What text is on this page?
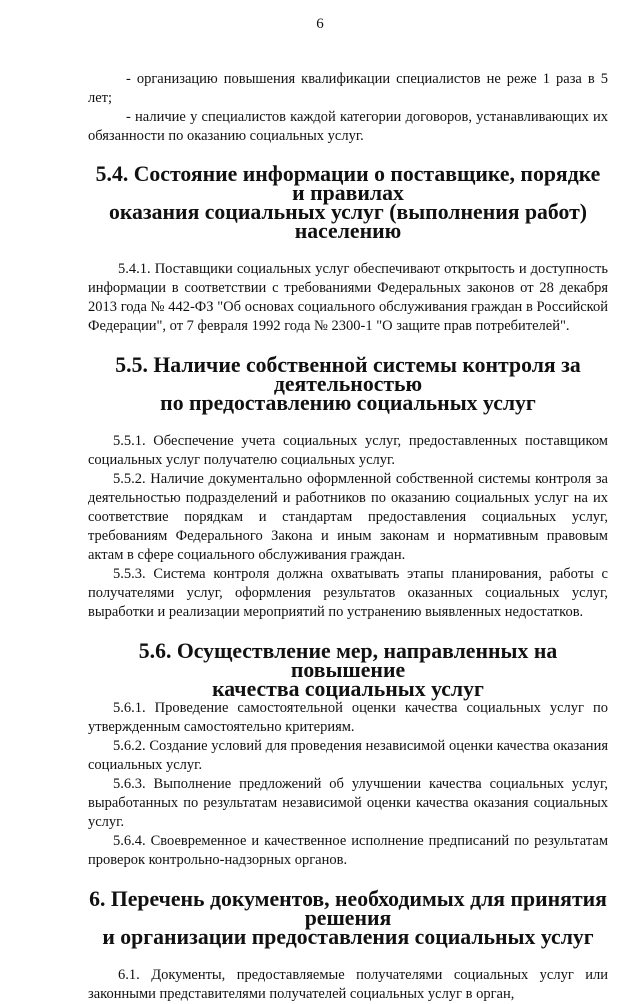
6

- организацию повышения квалификации специалистов не реже 1 раза в 5 лет;

- наличие у специалистов каждой категории договоров, устанавливающих их обязанности по оказанию социальных услуг.

5.4. Состояние информации о поставщике, порядке и правилах
оказания социальных услуг (выполнения работ) населению

5.4.1. Поставщики социальных услуг обеспечивают открытость и доступность информации в соответствии с требованиями Федеральных законов от 28 декабря 2013 года № 442-ФЗ "Об основах социального обслуживания граждан в Российской Федерации", от 7 февраля 1992 года № 2300-1 "О защите прав потребителей".

5.5. Наличие собственной системы контроля за деятельностью
по предоставлению социальных услуг

5.5.1. Обеспечение учета социальных услуг, предоставленных поставщиком социальных услуг получателю социальных услуг.

5.5.2. Наличие документально оформленной собственной системы контроля за деятельностью подразделений и работников по оказанию социальных услуг на их соответствие порядкам и стандартам предоставления социальных услуг, требованиям Федерального Закона и иным законам и нормативным правовым актам в сфере социального обслуживания граждан.

5.5.3. Система контроля должна охватывать этапы планирования, работы с получателями услуг, оформления результатов оказанных социальных услуг, выработки и реализации мероприятий по устранению выявленных недостатков.

5.6. Осуществление мер, направленных на повышение
качества социальных услуг

5.6.1. Проведение самостоятельной оценки качества социальных услуг по утвержденным самостоятельно критериям.

5.6.2. Создание условий для проведения независимой оценки качества оказания социальных услуг.

5.6.3. Выполнение предложений об улучшении качества социальных услуг, выработанных по результатам независимой оценки качества оказания социальных услуг.

5.6.4. Своевременное и качественное исполнение предписаний по результатам проверок контрольно-надзорных органов.

6. Перечень документов, необходимых для принятия решения
и организации предоставления социальных услуг

6.1. Документы, предоставляемые получателями социальных услуг или законными представителями получателей социальных услуг в орган,
